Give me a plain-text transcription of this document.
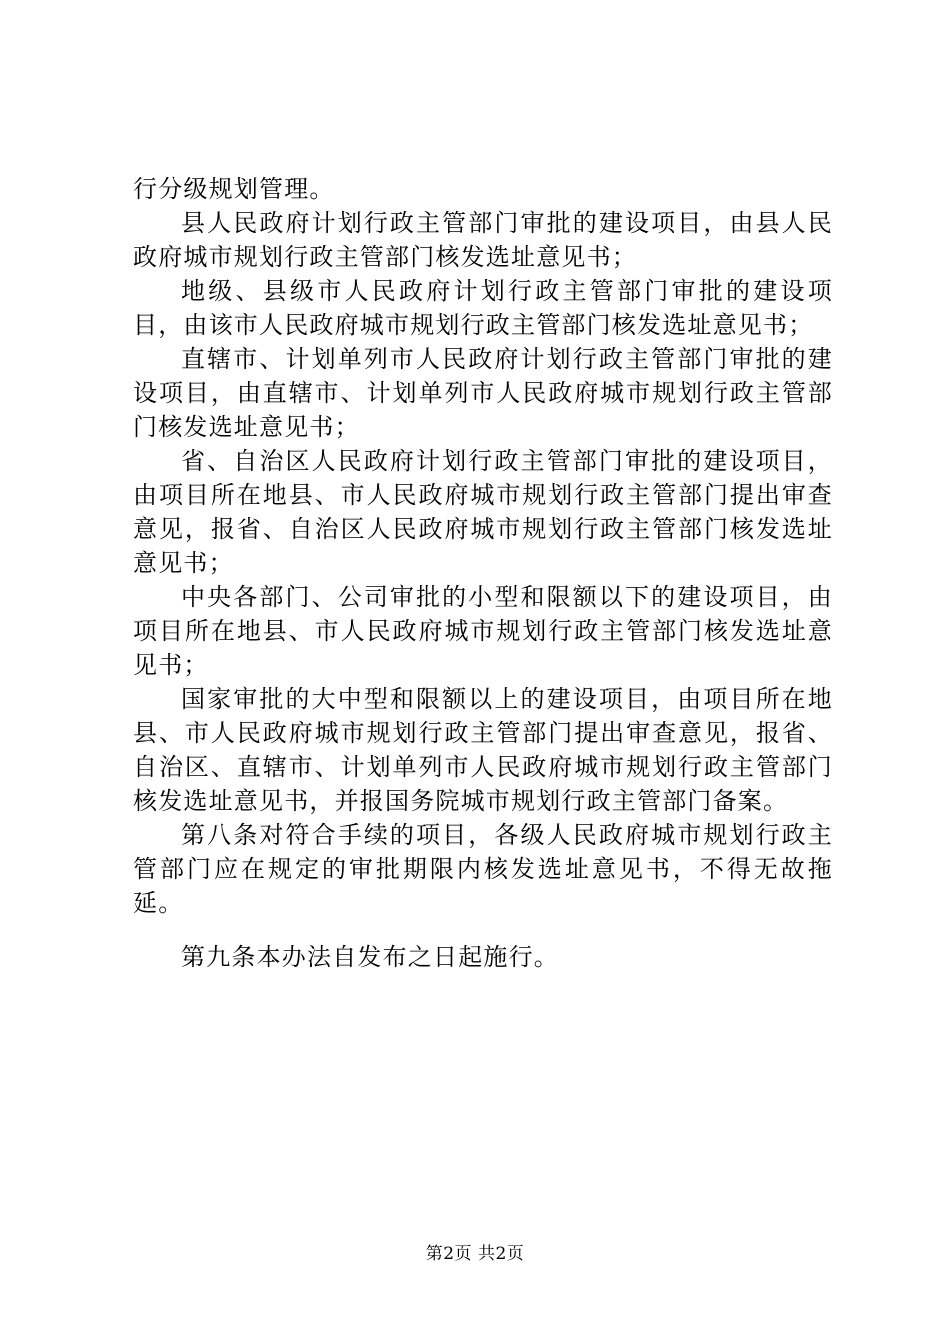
行分级规划管理。

县人民政府计划行政主管部门审批的建设项目，由县人民政府城市规划行政主管部门核发选址意见书；

地级、县级市人民政府计划行政主管部门审批的建设项目，由该市人民政府城市规划行政主管部门核发选址意见书；

直辖市、计划单列市人民政府计划行政主管部门审批的建设项目，由直辖市、计划单列市人民政府城市规划行政主管部门核发选址意见书；

省、自治区人民政府计划行政主管部门审批的建设项目，由项目所在地县、市人民政府城市规划行政主管部门提出审查意见，报省、自治区人民政府城市规划行政主管部门核发选址意见书；

中央各部门、公司审批的小型和限额以下的建设项目，由项目所在地县、市人民政府城市规划行政主管部门核发选址意见书；

国家审批的大中型和限额以上的建设项目，由项目所在地县、市人民政府城市规划行政主管部门提出审查意见，报省、自治区、直辖市、计划单列市人民政府城市规划行政主管部门核发选址意见书，并报国务院城市规划行政主管部门备案。

第八条对符合手续的项目，各级人民政府城市规划行政主管部门应在规定的审批期限内核发选址意见书，不得无故拖延。

第九条本办法自发布之日起施行。

第2页 共2页
